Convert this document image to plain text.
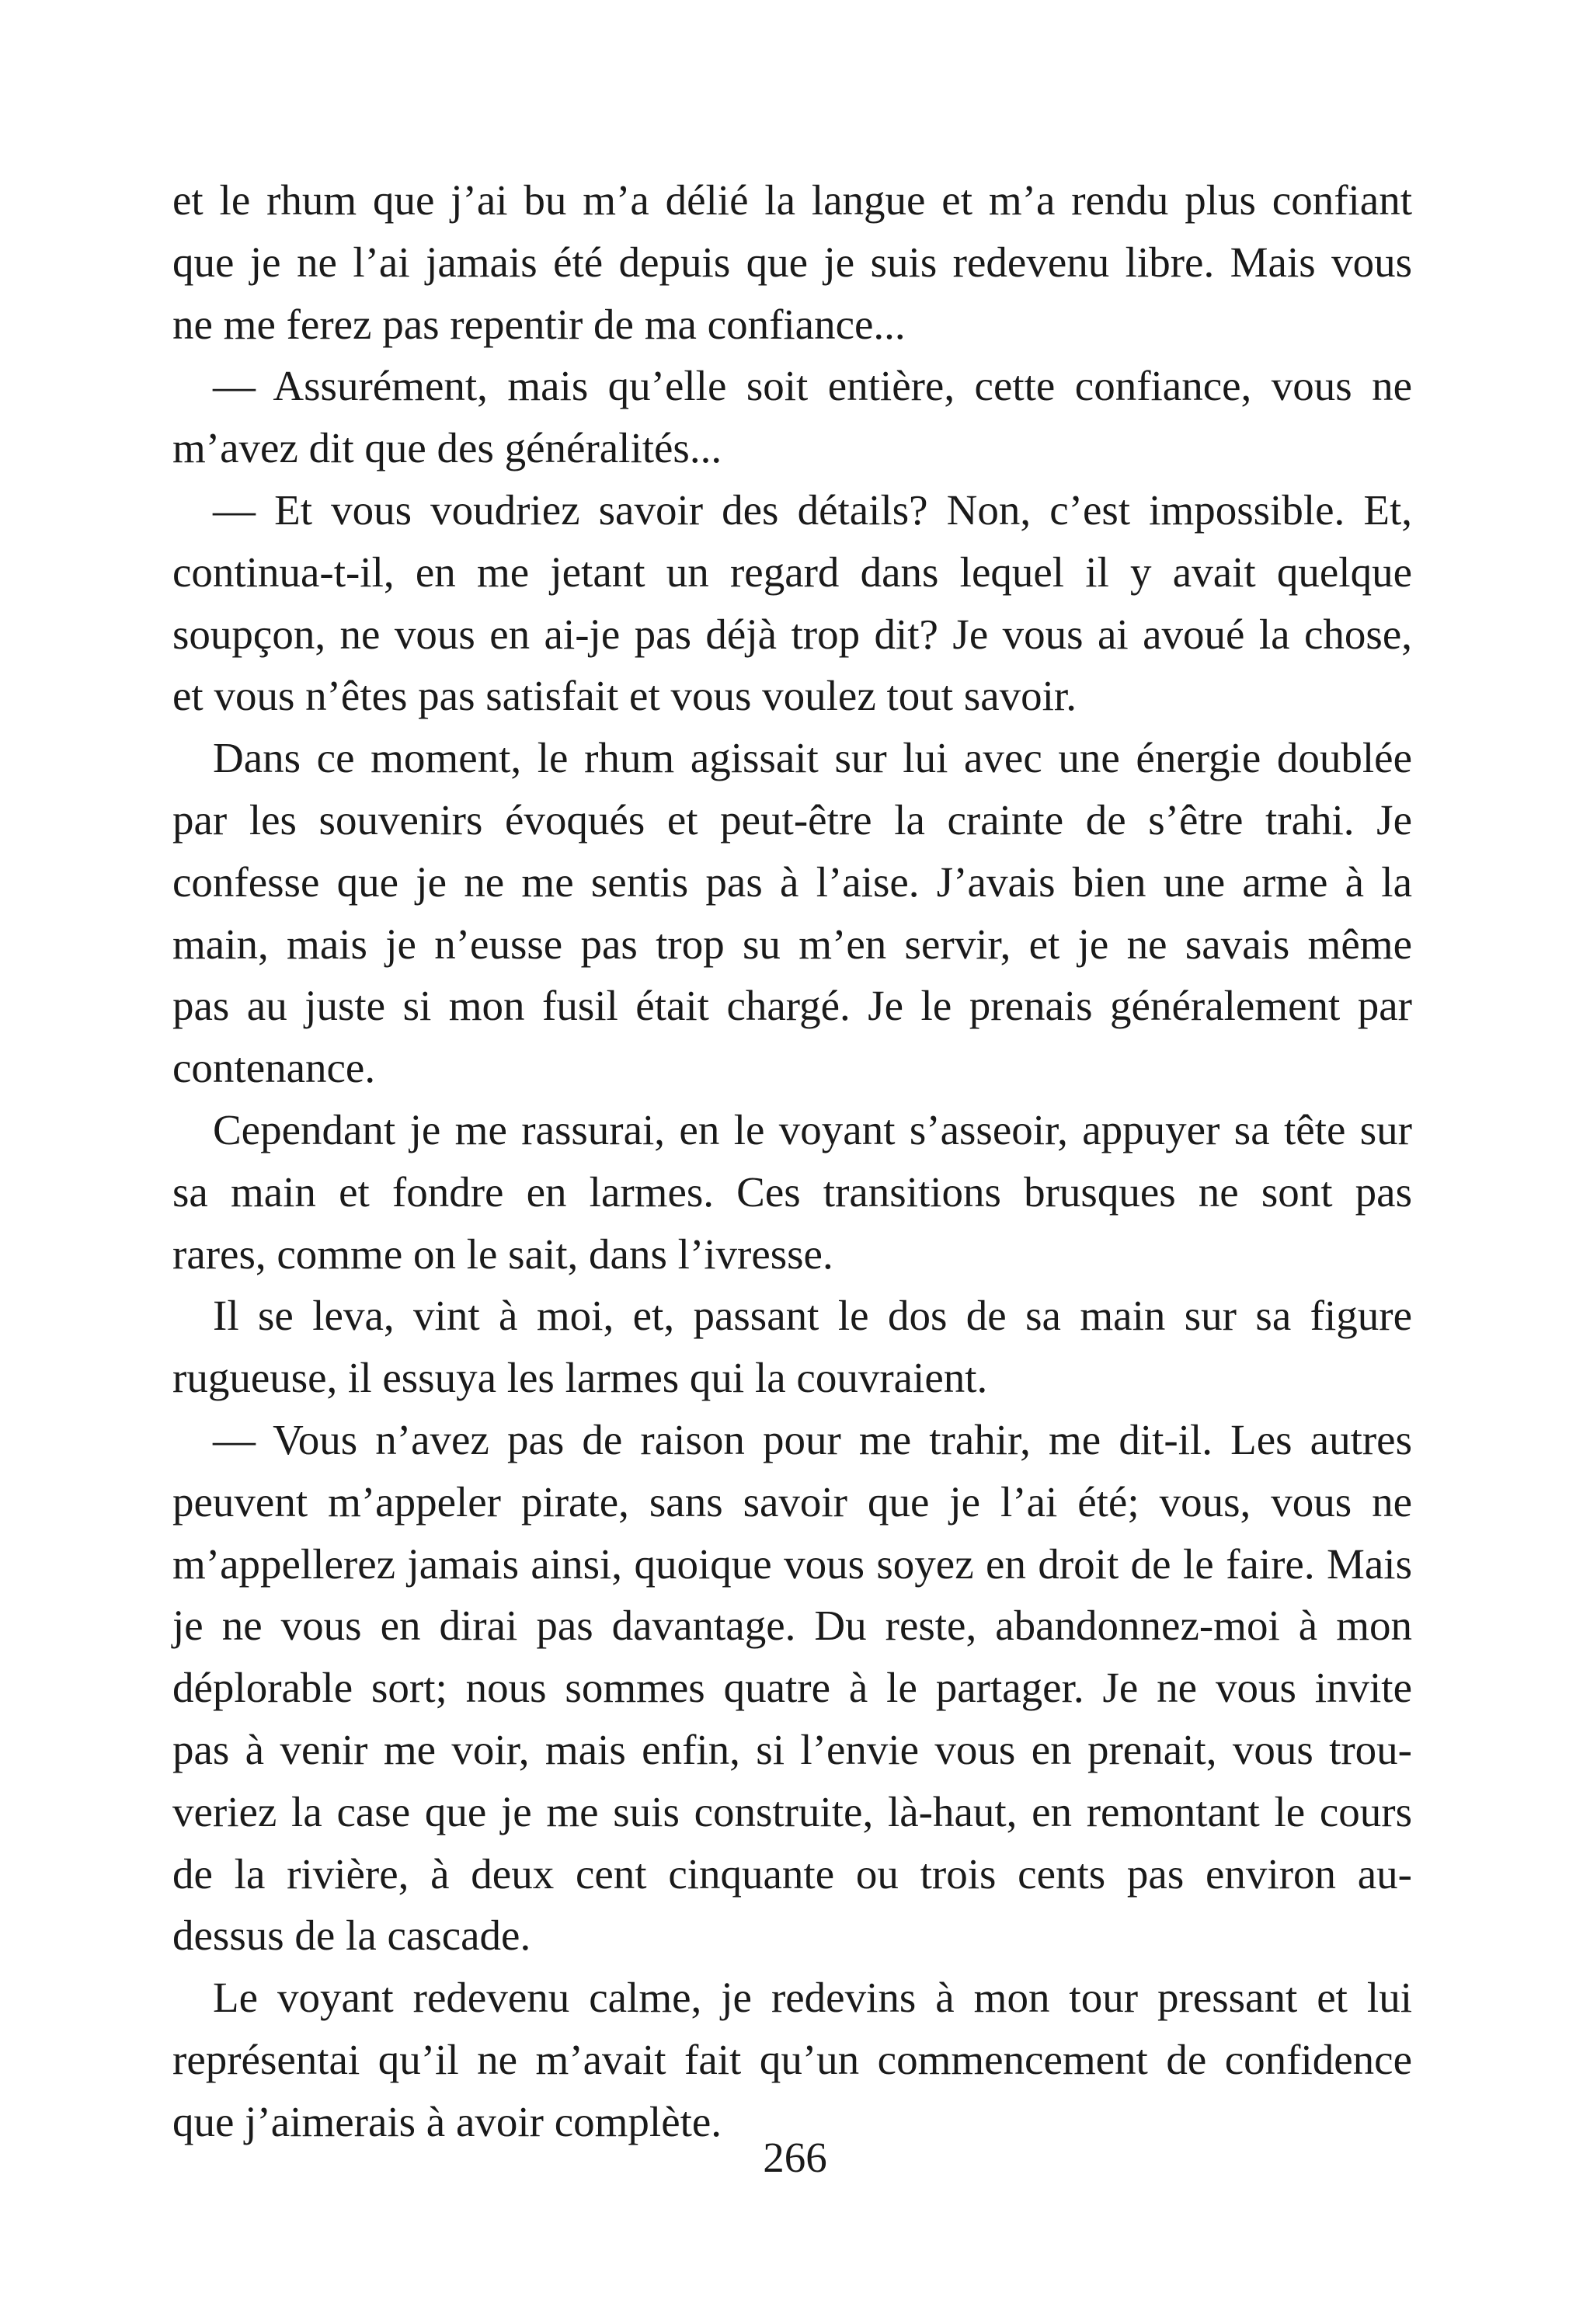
et le rhum que j’ai bu m’a délié la langue et m’a rendu plus confiant
que je ne l’ai jamais été depuis que je suis redevenu libre. Mais vous
ne me ferez pas repentir de ma confiance...
— Assurément, mais qu’elle soit entière, cette confiance, vous ne
m’avez dit que des généralités...
— Et vous voudriez savoir des détails? Non, c’est impossible. Et,
continua-t-il, en me jetant un regard dans lequel il y avait quelque
soupçon, ne vous en ai-je pas déjà trop dit? Je vous ai avoué la chose,
et vous n’êtes pas satisfait et vous voulez tout savoir.
Dans ce moment, le rhum agissait sur lui avec une énergie doublée
par les souvenirs évoqués et peut-être la crainte de s’être trahi. Je
confesse que je ne me sentis pas à l’aise. J’avais bien une arme à la
main, mais je n’eusse pas trop su m’en servir, et je ne savais même
pas au juste si mon fusil était chargé. Je le prenais généralement par
contenance.
Cependant je me rassurai, en le voyant s’asseoir, appuyer sa tête sur
sa main et fondre en larmes. Ces transitions brusques ne sont pas
rares, comme on le sait, dans l’ivresse.
Il se leva, vint à moi, et, passant le dos de sa main sur sa figure
rugueuse, il essuya les larmes qui la couvraient.
— Vous n’avez pas de raison pour me trahir, me dit-il. Les autres
peuvent m’appeler pirate, sans savoir que je l’ai été; vous, vous ne
m’appellerez jamais ainsi, quoique vous soyez en droit de le faire. Mais
je ne vous en dirai pas davantage. Du reste, abandonnez-moi à mon
déplorable sort; nous sommes quatre à le partager. Je ne vous invite
pas à venir me voir, mais enfin, si l’envie vous en prenait, vous trou-
veriez la case que je me suis construite, là-haut, en remontant le cours
de la rivière, à deux cent cinquante ou trois cents pas environ au-
dessus de la cascade.
Le voyant redevenu calme, je redevins à mon tour pressant et lui
représentai qu’il ne m’avait fait qu’un commencement de confidence
que j’aimerais à avoir complète.
266
